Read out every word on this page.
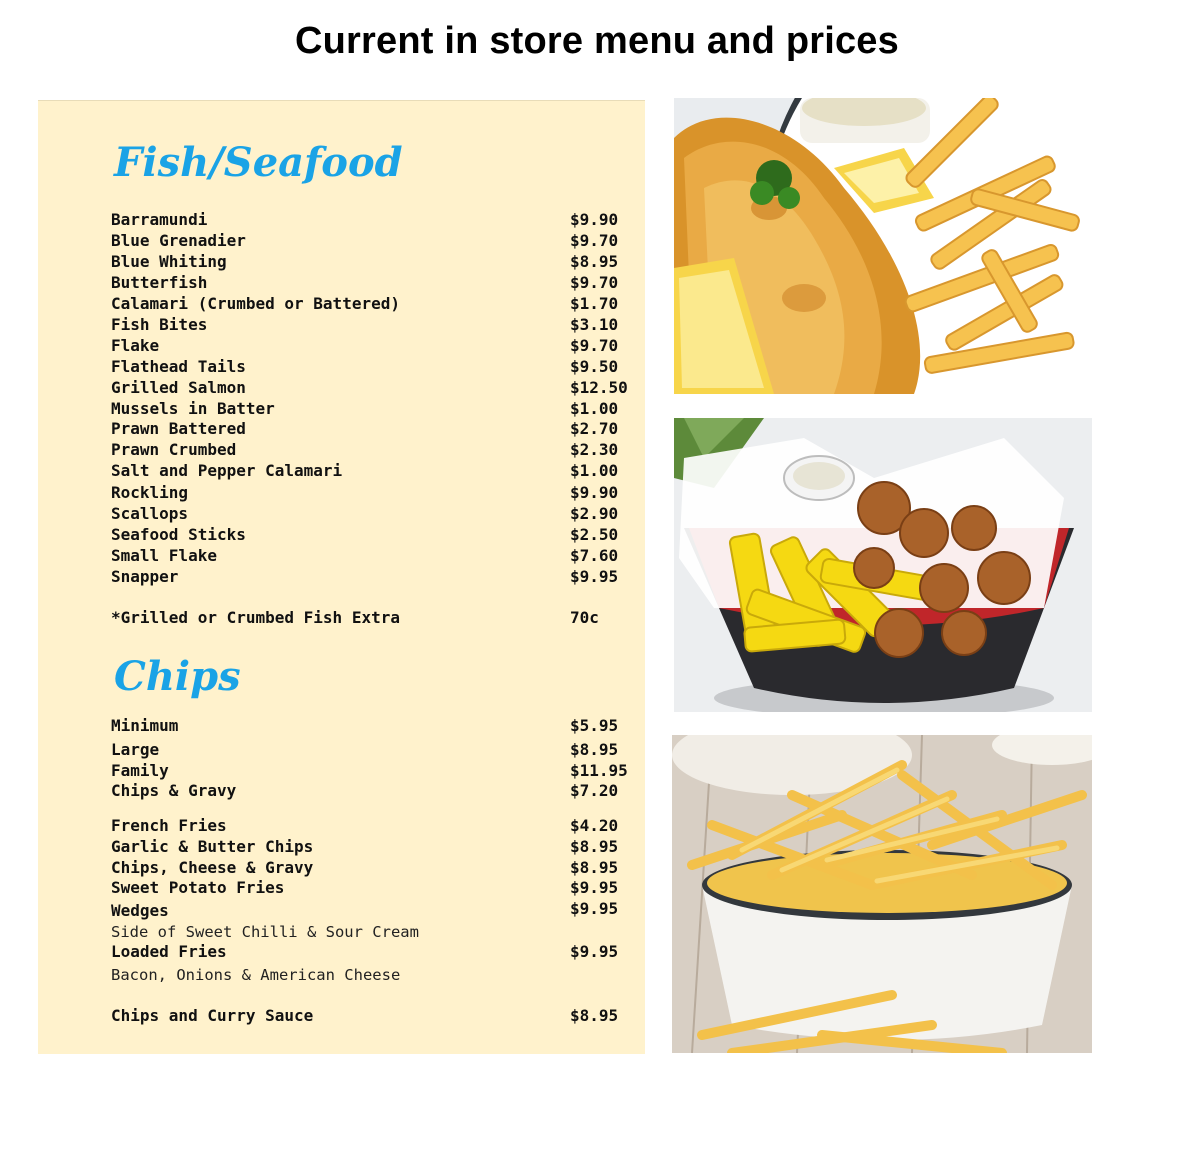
Current in store menu and prices
Fish/Seafood
Barramundi	$9.90
Blue Grenadier	$9.70
Blue Whiting	$8.95
Butterfish	$9.70
Calamari (Crumbed or Battered)	$1.70
Fish Bites	$3.10
Flake	$9.70
Flathead Tails	$9.50
Grilled Salmon	$12.50
Mussels in Batter	$1.00
Prawn Battered	$2.70
Prawn Crumbed	$2.30
Salt and Pepper Calamari	$1.00
Rockling	$9.90
Scallops	$2.90
Seafood Sticks	$2.50
Small Flake	$7.60
Snapper	$9.95
*Grilled or Crumbed Fish Extra	70c
Chips
Minimum	$5.95
Large	$8.95
Family	$11.95
Chips & Gravy	$7.20
French Fries	$4.20
Garlic & Butter Chips	$8.95
Chips, Cheese & Gravy	$8.95
Sweet Potato Fries	$9.95
Wedges	$9.95
Side of Sweet Chilli & Sour Cream
Loaded Fries	$9.95
Bacon, Onions & American Cheese
Chips and Curry Sauce	$8.95
